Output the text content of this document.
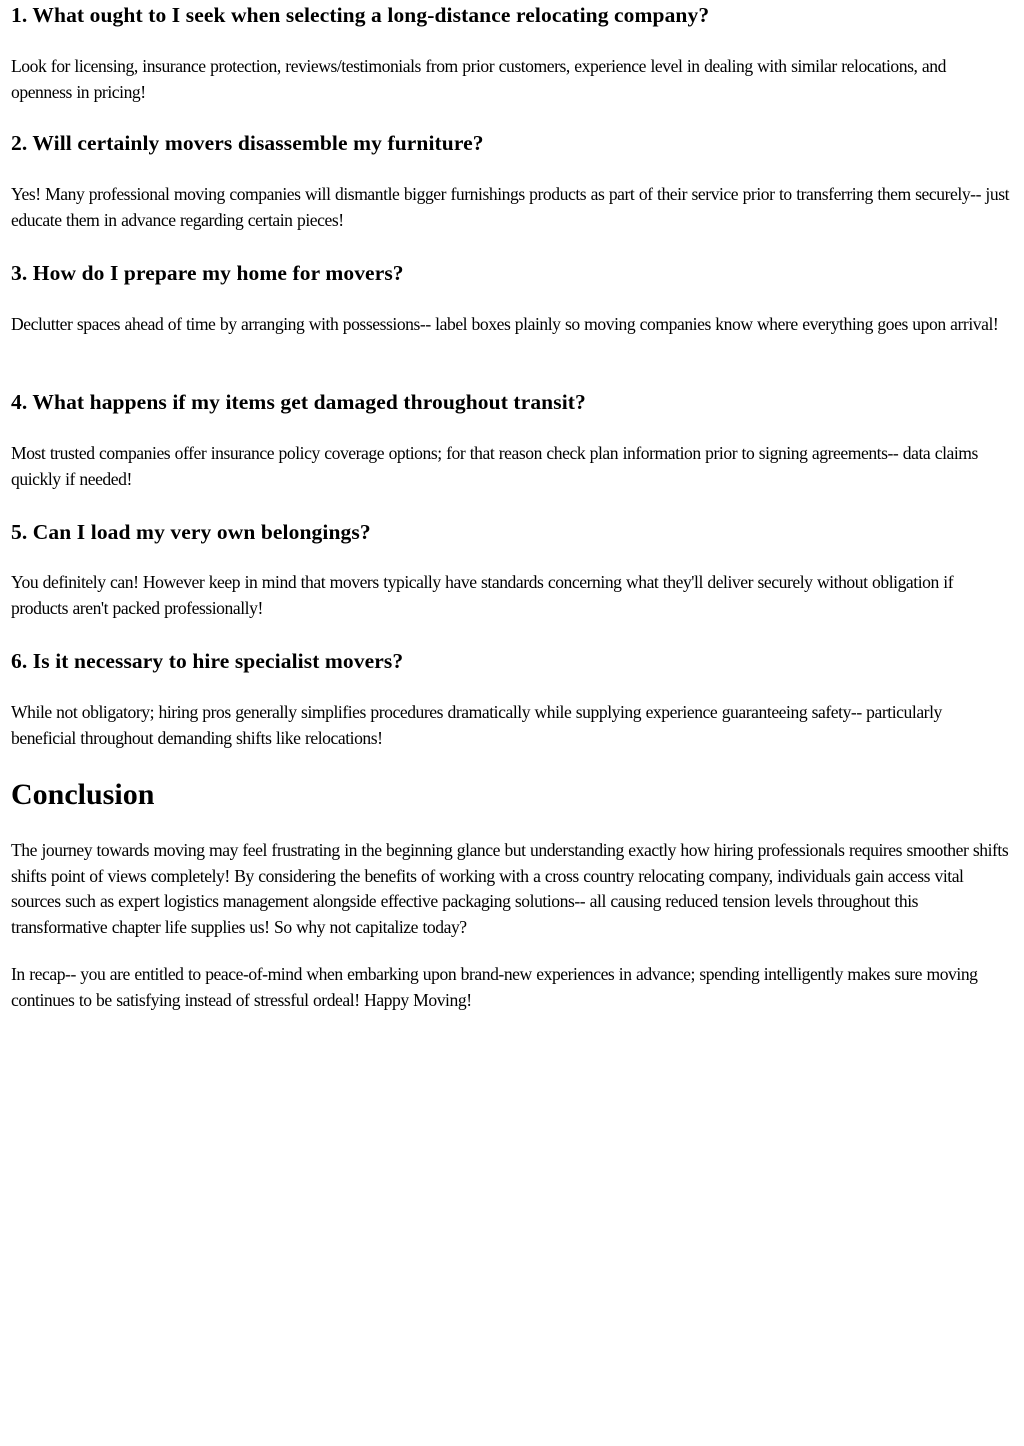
1. What ought to I seek when selecting a long-distance relocating company?

Look for licensing, insurance protection, reviews/testimonials from prior customers, experience level in dealing with similar relocations, and openness in pricing!

2. Will certainly movers disassemble my furniture?

Yes! Many professional moving companies will dismantle bigger furnishings products as part of their service prior to transferring them securely-- just educate them in advance regarding certain pieces!

3. How do I prepare my home for movers?

Declutter spaces ahead of time by arranging with possessions-- label boxes plainly so moving companies know where everything goes upon arrival!

4. What happens if my items get damaged throughout transit?

Most trusted companies offer insurance policy coverage options; for that reason check plan information prior to signing agreements-- data claims quickly if needed!

5. Can I load my very own belongings?

You definitely can! However keep in mind that movers typically have standards concerning what they'll deliver securely without obligation if products aren't packed professionally!

6. Is it necessary to hire specialist movers?

While not obligatory; hiring pros generally simplifies procedures dramatically while supplying experience guaranteeing safety-- particularly beneficial throughout demanding shifts like relocations!

Conclusion

The journey towards moving may feel frustrating in the beginning glance but understanding exactly how hiring professionals requires smoother shifts shifts point of views completely! By considering the benefits of working with a cross country relocating company, individuals gain access vital sources such as expert logistics management alongside effective packaging solutions-- all causing reduced tension levels throughout this transformative chapter life supplies us! So why not capitalize today?

In recap-- you are entitled to peace-of-mind when embarking upon brand-new experiences in advance; spending intelligently makes sure moving continues to be satisfying instead of stressful ordeal! Happy Moving!
